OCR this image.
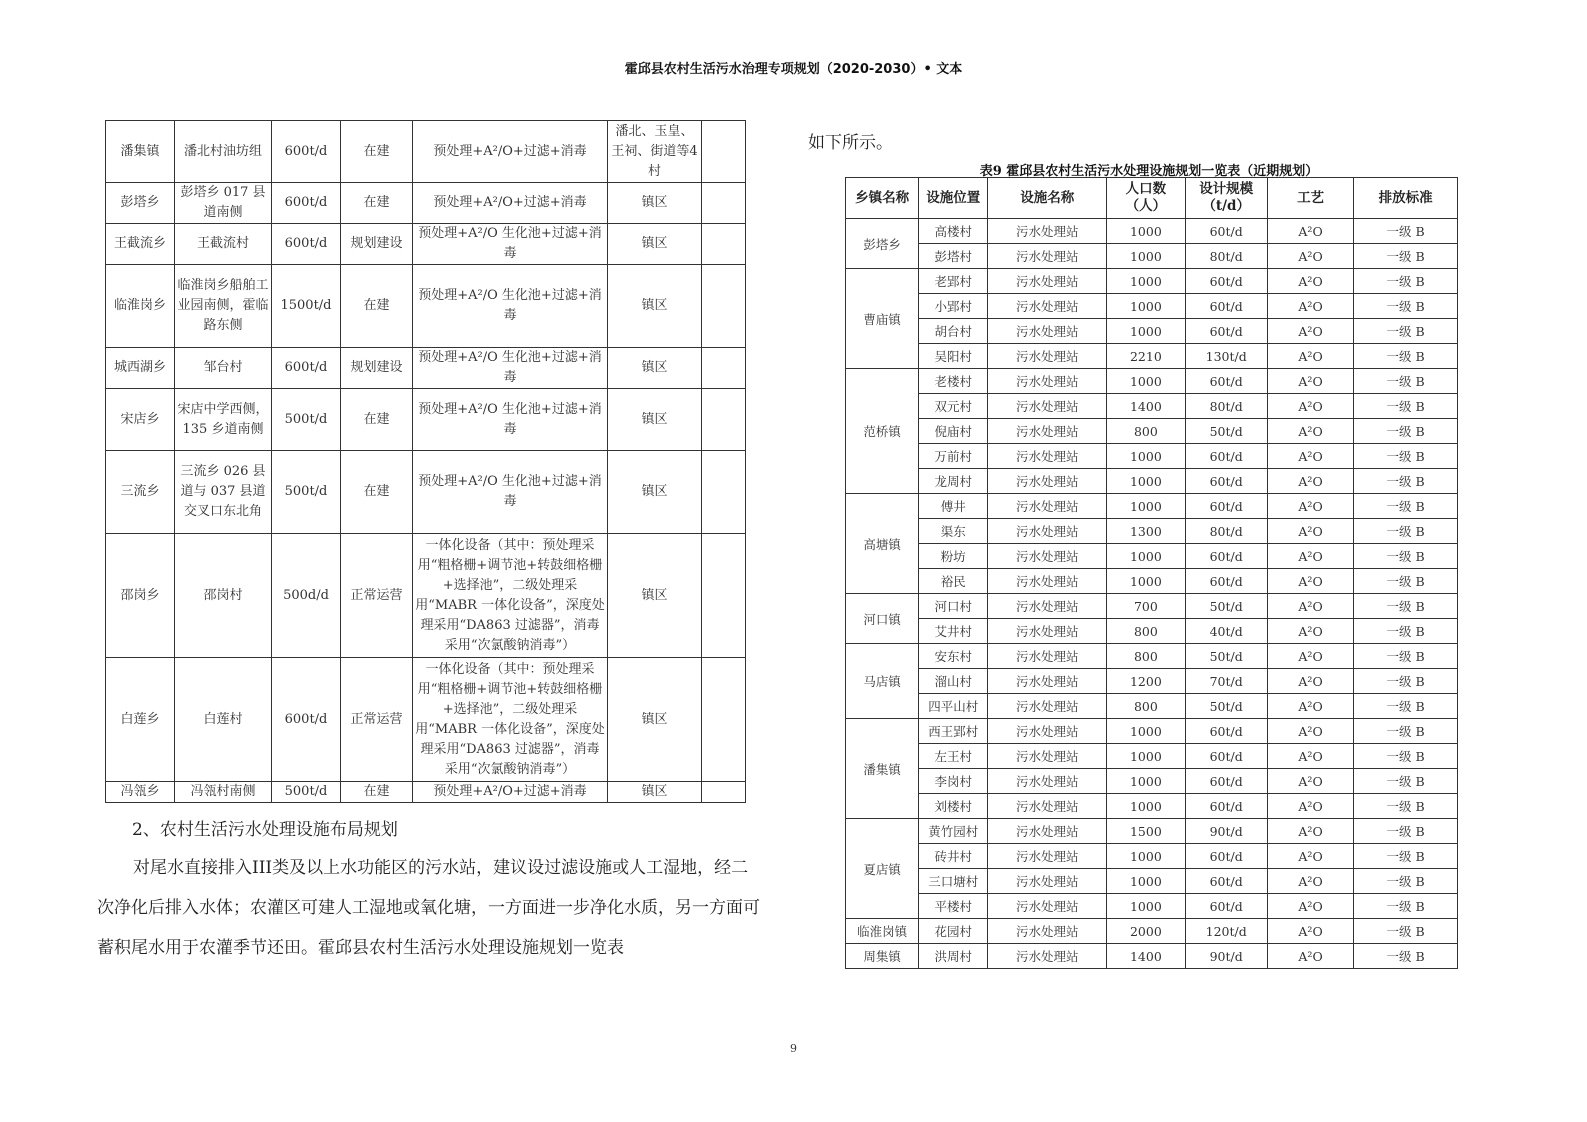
霍邱县农村生活污水治理专项规划（2020-2030）• 文本
潘集镇	潘北村油坊组	600t/d	在建	预处理+A²/O+过滤+消毒	潘北、玉皇、王祠、街道等4村	
彭塔乡	彭塔乡 017 县道南侧	600t/d	在建	预处理+A²/O+过滤+消毒	镇区	
王截流乡	王截流村	600t/d	规划建设	预处理+A²/O 生化池+过滤+消毒	镇区	
临淮岗乡	临淮岗乡船舶工业园南侧，霍临路东侧	1500t/d	在建	预处理+A²/O 生化池+过滤+消毒	镇区	
城西湖乡	邹台村	600t/d	规划建设	预处理+A²/O 生化池+过滤+消毒	镇区	
宋店乡	宋店中学西侧，135 乡道南侧	500t/d	在建	预处理+A²/O 生化池+过滤+消毒	镇区	
三流乡	三流乡 026 县道与 037 县道交叉口东北角	500t/d	在建	预处理+A²/O 生化池+过滤+消毒	镇区	
邵岗乡	邵岗村	500d/d	正常运营	一体化设备（其中：预处理采用“粗格栅+调节池+转鼓细格栅+选择池”，二级处理采用“MABR 一体化设备”，深度处理采用“DA863 过滤器”，消毒采用“次氯酸钠消毒”）	镇区	
白莲乡	白莲村	600t/d	正常运营	一体化设备（其中：预处理采用“粗格栅+调节池+转鼓细格栅+选择池”，二级处理采用“MABR 一体化设备”，深度处理采用“DA863 过滤器”，消毒采用“次氯酸钠消毒”）	镇区	
冯瓴乡	冯瓴村南侧	500t/d	在建	预处理+A²/O+过滤+消毒	镇区	
2、农村生活污水处理设施布局规划
对尾水直接排入III类及以上水功能区的污水站，建议设过滤设施或人工湿地，经二次净化后排入水体；农灌区可建人工湿地或氧化塘，一方面进一步净化水质，另一方面可蓄积尾水用于农灌季节还田。霍邱县农村生活污水处理设施规划一览表
如下所示。
表9 霍邱县农村生活污水处理设施规划一览表（近期规划）
乡镇名称	设施位置	设施名称	人口数（人）	设计规模（t/d）	工艺	排放标准
彭塔乡	高楼村	污水处理站	1000	60t/d	A²O	一级 B
	彭塔村	污水处理站	1000	80t/d	A²O	一级 B
曹庙镇	老郢村	污水处理站	1000	60t/d	A²O	一级 B
	小郢村	污水处理站	1000	60t/d	A²O	一级 B
	胡台村	污水处理站	1000	60t/d	A²O	一级 B
	吴阳村	污水处理站	2210	130t/d	A²O	一级 B
范桥镇	老楼村	污水处理站	1000	60t/d	A²O	一级 B
	双元村	污水处理站	1400	80t/d	A²O	一级 B
	倪庙村	污水处理站	800	50t/d	A²O	一级 B
	万前村	污水处理站	1000	60t/d	A²O	一级 B
	龙周村	污水处理站	1000	60t/d	A²O	一级 B
高塘镇	傅井	污水处理站	1000	60t/d	A²O	一级 B
	渠东	污水处理站	1300	80t/d	A²O	一级 B
	粉坊	污水处理站	1000	60t/d	A²O	一级 B
	裕民	污水处理站	1000	60t/d	A²O	一级 B
河口镇	河口村	污水处理站	700	50t/d	A²O	一级 B
	艾井村	污水处理站	800	40t/d	A²O	一级 B
马店镇	安东村	污水处理站	800	50t/d	A²O	一级 B
	溜山村	污水处理站	1200	70t/d	A²O	一级 B
	四平山村	污水处理站	800	50t/d	A²O	一级 B
潘集镇	西王郢村	污水处理站	1000	60t/d	A²O	一级 B
	左王村	污水处理站	1000	60t/d	A²O	一级 B
	李岗村	污水处理站	1000	60t/d	A²O	一级 B
	刘楼村	污水处理站	1000	60t/d	A²O	一级 B
夏店镇	黄竹园村	污水处理站	1500	90t/d	A²O	一级 B
	砖井村	污水处理站	1000	60t/d	A²O	一级 B
	三口塘村	污水处理站	1000	60t/d	A²O	一级 B
	平楼村	污水处理站	1000	60t/d	A²O	一级 B
临淮岗镇	花园村	污水处理站	2000	120t/d	A²O	一级 B
周集镇	洪周村	污水处理站	1400	90t/d	A²O	一级 B
9
